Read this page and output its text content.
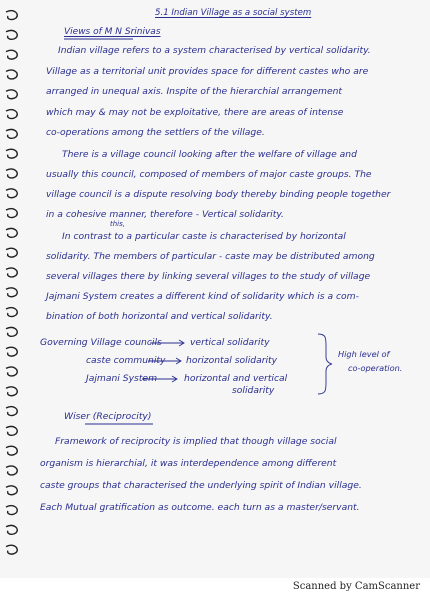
5.1 Indian Village as a social system
Views of M N Srinivas
Indian village refers to a system characterised by vertical solidarity.
Village as a territorial unit provides space for different castes who are
arranged in unequal axis. Inspite of the hierarchial arrangement
which may & may not be exploitative, there are areas of intense
co-operations among the settlers of the village.
There is a village council looking after the welfare of village and
usually this council, composed of members of major caste groups. The
village council is a dispute resolving body thereby binding people together
in a cohesive manner, therefore - Vertical solidarity.
this,
In contrast to a particular caste is characterised by horizontal
solidarity. The members of particular - caste may be distributed among
several villages there by linking several villages to the study of village
Jajmani System creates a different kind of solidarity which is a com-
bination of both horizontal and vertical solidarity.
Governing Village councils
caste community
Jajmani System
vertical solidarity
horizontal solidarity
horizontal and vertical
solidarity
High level of
co-operation.
Wiser (Reciprocity)
Framework of reciprocity is implied that though village social
organism is hierarchial, it was interdependence among different
caste groups that characterised the underlying spirit of Indian village.
Each Mutual gratification as outcome. each turn as a master/servant.
Scanned by CamScanner
